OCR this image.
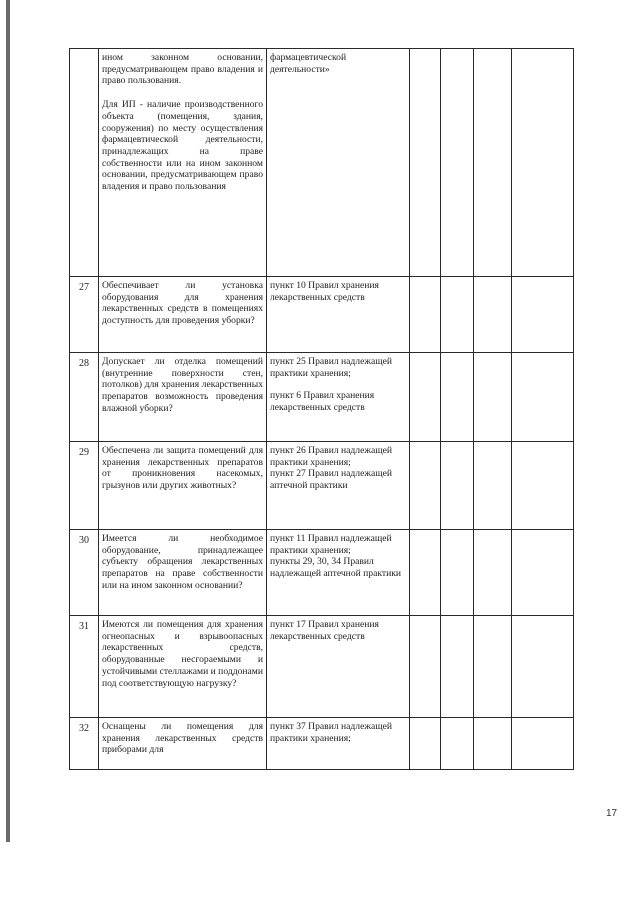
	ином законном основании, предусматривающем право владения и право пользования.

Для ИП - наличие производственного объекта (помещения, здания, сооружения) по месту осуществления фармацевтической деятельности, принадлежащих на праве собственности или на ином законном основании, предусматривающем право владения и право пользования	фармацевтической деятельности»				

27	Обеспечивает ли установка оборудования для хранения лекарственных средств в помещениях доступность для проведения уборки?	пункт 10 Правил хранения лекарственных средств				

28	Допускает ли отделка помещений (внутренние поверхности стен, потолков) для хранения лекарственных препаратов возможность проведения влажной уборки?	пункт 25 Правил надлежащей практики хранения;

пункт 6 Правил хранения лекарственных средств				

29	Обеспечена ли защита помещений для хранения лекарственных препаратов от проникновения насекомых, грызунов или других животных?	пункт 26 Правил надлежащей практики хранения;

пункт 27 Правил надлежащей аптечной практики				

30	Имеется ли необходимое оборудование, принадлежащее субъекту обращения лекарственных препаратов на праве собственности или на ином законном основании?	пункт 11 Правил надлежащей практики хранения;

пункты 29, 30, 34 Правил надлежащей аптечной практики				

31	Имеются ли помещения для хранения огнеопасных и взрывоопасных лекарственных средств, оборудованные несгораемыми и устойчивыми стеллажами и поддонами под соответствующую нагрузку?	пункт 17 Правил хранения лекарственных средств				

32	Оснащены ли помещения для хранения лекарственных средств приборами для	пункт 37 Правил надлежащей практики хранения;				

17
